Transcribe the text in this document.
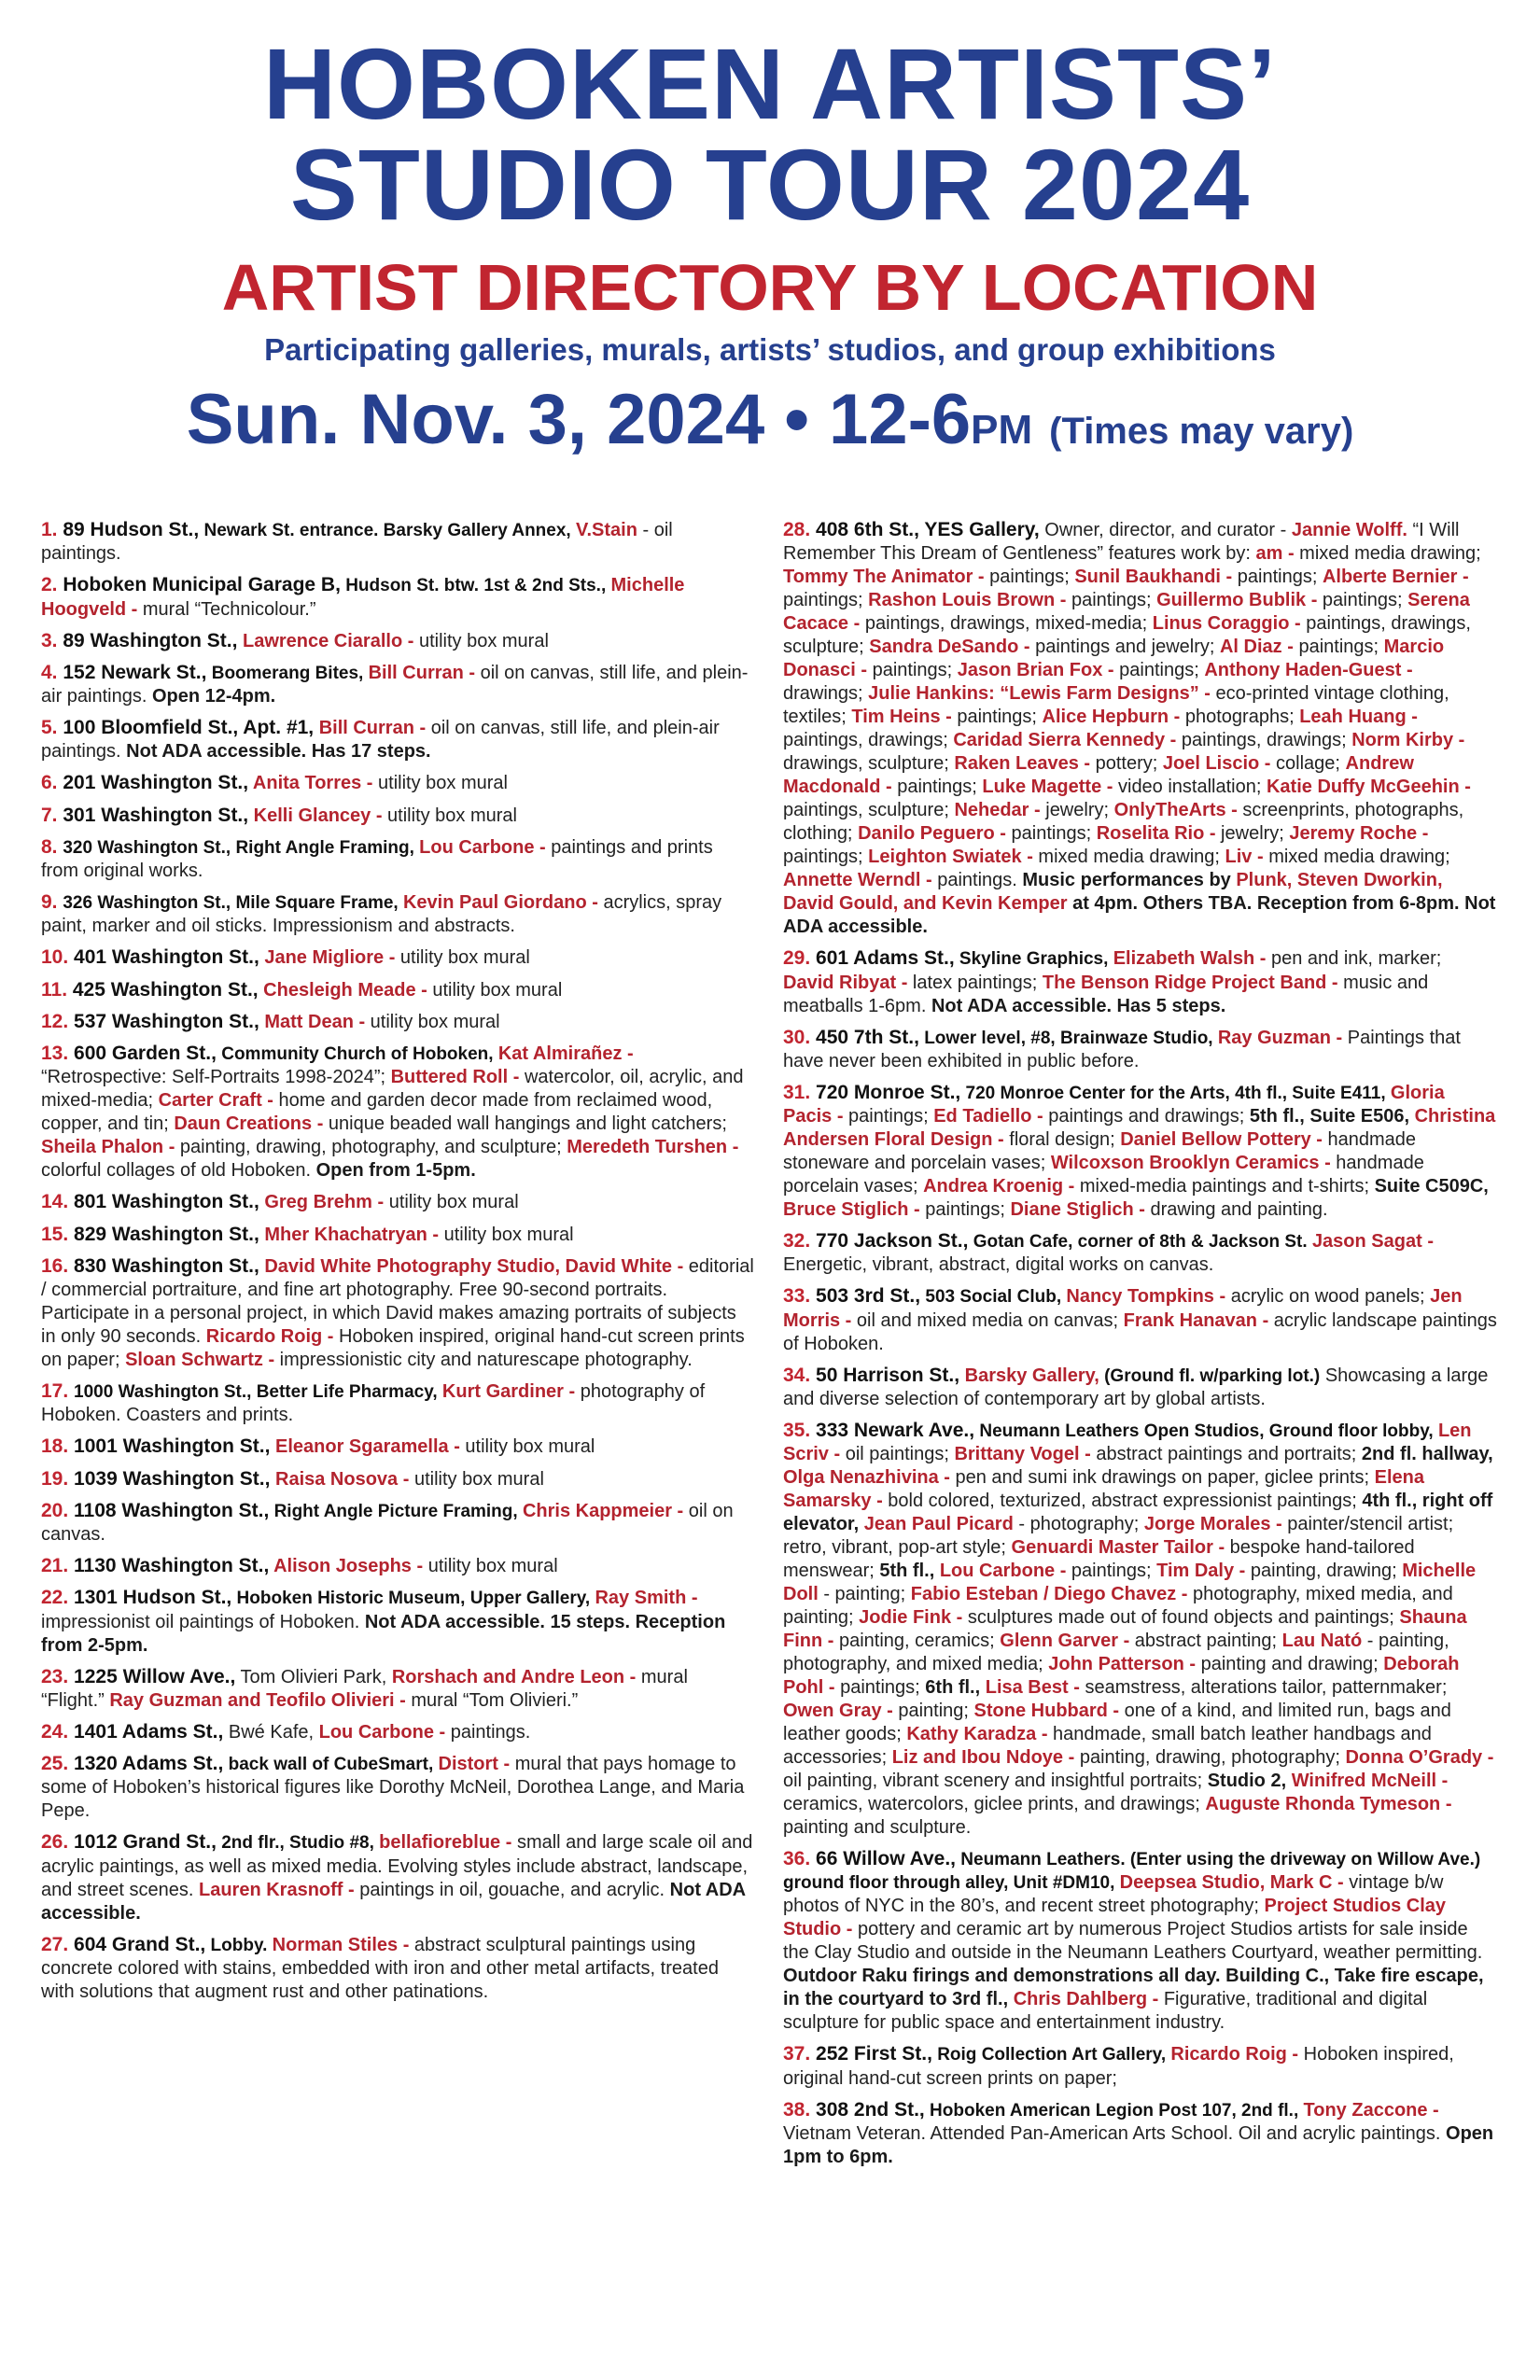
HOBOKEN ARTISTS’
STUDIO TOUR 2024
ARTIST DIRECTORY BY LOCATION
Participating galleries, murals, artists’ studios, and group exhibitions
Sun. Nov. 3, 2024 • 12-6PM (Times may vary)

1. 89 Hudson St., Newark St. entrance. Barsky Gallery Annex, V.Stain - oil paintings.

2. Hoboken Municipal Garage B, Hudson St. btw. 1st & 2nd Sts., Michelle Hoogveld - mural “Technicolour.”

3. 89 Washington St., Lawrence Ciarallo - utility box mural

4. 152 Newark St., Boomerang Bites, Bill Curran - oil on canvas, still life, and plein-air paintings. Open 12-4pm.

5. 100 Bloomfield St., Apt. #1, Bill Curran - oil on canvas, still life, and plein-air paintings. Not ADA accessible. Has 17 steps.

6. 201 Washington St., Anita Torres - utility box mural

7. 301 Washington St., Kelli Glancey - utility box mural

8. 320 Washington St., Right Angle Framing, Lou Carbone - paintings and prints from original works.

9. 326 Washington St., Mile Square Frame, Kevin Paul Giordano - acrylics, spray paint, marker and oil sticks. Impressionism and abstracts.

10. 401 Washington St., Jane Migliore - utility box mural

11. 425 Washington St., Chesleigh Meade - utility box mural

12. 537 Washington St., Matt Dean - utility box mural

13. 600 Garden St., Community Church of Hoboken, Kat Almirañez - “Retrospective: Self-Portraits 1998-2024”; Buttered Roll - watercolor, oil, acrylic, and mixed-media; Carter Craft - home and garden decor made from reclaimed wood, copper, and tin; Daun Creations - unique beaded wall hangings and light catchers; Sheila Phalon - painting, drawing, photography, and sculpture; Meredeth Turshen - colorful collages of old Hoboken. Open from 1-5pm.

14. 801 Washington St., Greg Brehm - utility box mural

15. 829 Washington St., Mher Khachatryan - utility box mural

16. 830 Washington St., David White Photography Studio, David White - editorial / commercial portraiture, and fine art photography. Free 90-second portraits. Participate in a personal project, in which David makes amazing portraits of subjects in only 90 seconds. Ricardo Roig - Hoboken inspired, original hand-cut screen prints on paper; Sloan Schwartz - impressionistic city and naturescape photography.

17. 1000 Washington St., Better Life Pharmacy, Kurt Gardiner - photography of Hoboken. Coasters and prints.

18. 1001 Washington St., Eleanor Sgaramella - utility box mural

19. 1039 Washington St., Raisa Nosova - utility box mural

20. 1108 Washington St., Right Angle Picture Framing, Chris Kappmeier - oil on canvas.

21. 1130 Washington St., Alison Josephs - utility box mural

22. 1301 Hudson St., Hoboken Historic Museum, Upper Gallery, Ray Smith - impressionist oil paintings of Hoboken. Not ADA accessible. 15 steps. Reception from 2-5pm.

23. 1225 Willow Ave., Tom Olivieri Park, Rorshach and Andre Leon - mural “Flight.” Ray Guzman and Teofilo Olivieri - mural “Tom Olivieri.”

24. 1401 Adams St., Bwé Kafe, Lou Carbone - paintings.

25. 1320 Adams St., back wall of CubeSmart, Distort - mural that pays homage to some of Hoboken’s historical figures like Dorothy McNeil, Dorothea Lange, and Maria Pepe.

26. 1012 Grand St., 2nd flr., Studio #8, bellafioreblue - small and large scale oil and acrylic paintings, as well as mixed media. Evolving styles include abstract, landscape, and street scenes. Lauren Krasnoff - paintings in oil, gouache, and acrylic. Not ADA accessible.

27. 604 Grand St., Lobby. Norman Stiles - abstract sculptural paintings using concrete colored with stains, embedded with iron and other metal artifacts, treated with solutions that augment rust and other patinations.

28. 408 6th St., YES Gallery, Owner, director, and curator - Jannie Wolff. “I Will Remember This Dream of Gentleness” features work by: am - mixed media drawing; Tommy The Animator - paintings; Sunil Baukhandi - paintings; Alberte Bernier - paintings; Rashon Louis Brown - paintings; Guillermo Bublik - paintings; Serena Cacace - paintings, drawings, mixed-media; Linus Coraggio - paintings, drawings, sculpture; Sandra DeSando - paintings and jewelry; Al Diaz - paintings; Marcio Donasci - paintings; Jason Brian Fox - paintings; Anthony Haden-Guest - drawings; Julie Hankins: “Lewis Farm Designs” - eco-printed vintage clothing, textiles; Tim Heins - paintings; Alice Hepburn - photographs; Leah Huang - paintings, drawings; Caridad Sierra Kennedy - paintings, drawings; Norm Kirby - drawings, sculpture; Raken Leaves - pottery; Joel Liscio - collage; Andrew Macdonald - paintings; Luke Magette - video installation; Katie Duffy McGeehin - paintings, sculpture; Nehedar - jewelry; OnlyTheArts - screenprints, photographs, clothing; Danilo Peguero - paintings; Roselita Rio - jewelry; Jeremy Roche - paintings; Leighton Swiatek - mixed media drawing; Liv - mixed media drawing; Annette Werndl - paintings. Music performances by Plunk, Steven Dworkin, David Gould, and Kevin Kemper at 4pm. Others TBA. Reception from 6-8pm. Not ADA accessible.

29. 601 Adams St., Skyline Graphics, Elizabeth Walsh - pen and ink, marker; David Ribyat - latex paintings; The Benson Ridge Project Band - music and meatballs 1-6pm. Not ADA accessible. Has 5 steps.

30. 450 7th St., Lower level, #8, Brainwaze Studio, Ray Guzman - Paintings that have never been exhibited in public before.

31. 720 Monroe St., 720 Monroe Center for the Arts, 4th fl., Suite E411, Gloria Pacis - paintings; Ed Tadiello - paintings and drawings; 5th fl., Suite E506, Christina Andersen Floral Design - floral design; Daniel Bellow Pottery - handmade stoneware and porcelain vases; Wilcoxson Brooklyn Ceramics - handmade porcelain vases; Andrea Kroenig - mixed-media paintings and t-shirts; Suite C509C, Bruce Stiglich - paintings; Diane Stiglich - drawing and painting.

32. 770 Jackson St., Gotan Cafe, corner of 8th & Jackson St. Jason Sagat - Energetic, vibrant, abstract, digital works on canvas.

33. 503 3rd St., 503 Social Club, Nancy Tompkins - acrylic on wood panels; Jen Morris - oil and mixed media on canvas; Frank Hanavan - acrylic landscape paintings of Hoboken.

34. 50 Harrison St., Barsky Gallery, (Ground fl. w/parking lot.) Showcasing a large and diverse selection of contemporary art by global artists.

35. 333 Newark Ave., Neumann Leathers Open Studios, Ground floor lobby, Len Scriv - oil paintings; Brittany Vogel - abstract paintings and portraits; 2nd fl. hallway, Olga Nenazhivina - pen and sumi ink drawings on paper, giclee prints; Elena Samarsky - bold colored, texturized, abstract expressionist paintings; 4th fl., right off elevator, Jean Paul Picard - photography; Jorge Morales - painter/stencil artist; retro, vibrant, pop-art style; Genuardi Master Tailor - bespoke hand-tailored menswear; 5th fl., Lou Carbone - paintings; Tim Daly - painting, drawing; Michelle Doll - painting; Fabio Esteban / Diego Chavez - photography, mixed media, and painting; Jodie Fink - sculptures made out of found objects and paintings; Shauna Finn - painting, ceramics; Glenn Garver - abstract painting; Lau Nató - painting, photography, and mixed media; John Patterson - painting and drawing; Deborah Pohl - paintings; 6th fl., Lisa Best - seamstress, alterations tailor, patternmaker; Owen Gray - painting; Stone Hubbard - one of a kind, and limited run, bags and leather goods; Kathy Karadza - handmade, small batch leather handbags and accessories; Liz and Ibou Ndoye - painting, drawing, photography; Donna O’Grady - oil painting, vibrant scenery and insightful portraits; Studio 2, Winifred McNeill - ceramics, watercolors, giclee prints, and drawings; Auguste Rhonda Tymeson - painting and sculpture.

36. 66 Willow Ave., Neumann Leathers. (Enter using the driveway on Willow Ave.) ground floor through alley, Unit #DM10, Deepsea Studio, Mark C - vintage b/w photos of NYC in the 80’s, and recent street photography; Project Studios Clay Studio - pottery and ceramic art by numerous Project Studios artists for sale inside the Clay Studio and outside in the Neumann Leathers Courtyard, weather permitting. Outdoor Raku firings and demonstrations all day. Building C., Take fire escape, in the courtyard to 3rd fl., Chris Dahlberg - Figurative, traditional and digital sculpture for public space and entertainment industry.

37. 252 First St., Roig Collection Art Gallery, Ricardo Roig - Hoboken inspired, original hand-cut screen prints on paper;

38. 308 2nd St., Hoboken American Legion Post 107, 2nd fl., Tony Zaccone - Vietnam Veteran. Attended Pan-American Arts School. Oil and acrylic paintings. Open 1pm to 6pm.
